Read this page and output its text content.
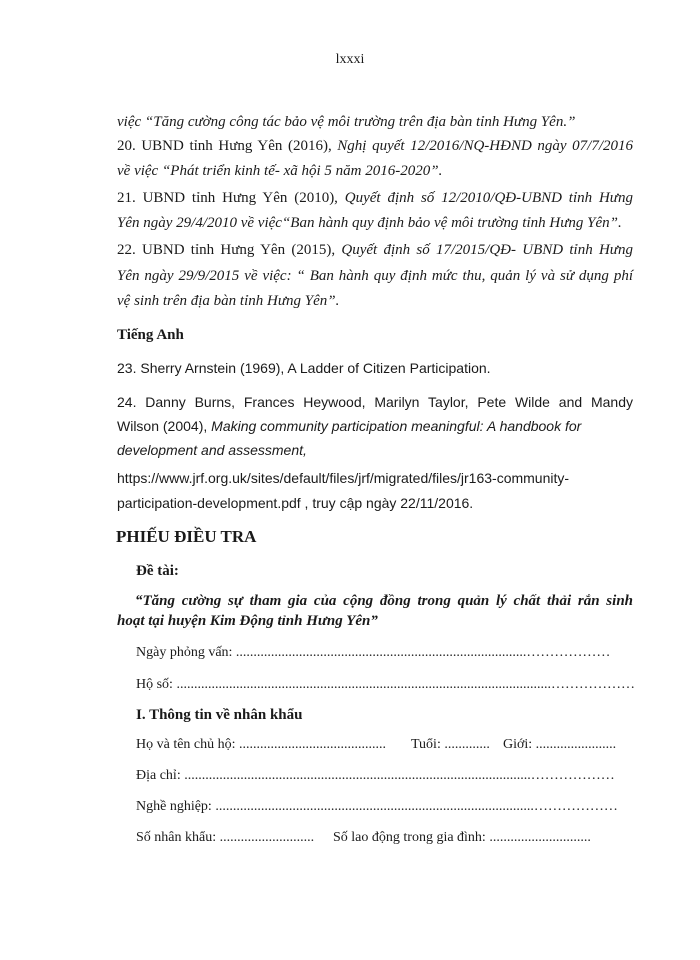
lxxxi
việc “Tăng cường công tác bảo vệ môi trường trên địa bàn tỉnh Hưng Yên.”
20. UBND tỉnh Hưng Yên (2016), Nghị quyết 12/2016/NQ-HĐND ngày 07/7/2016
về việc “Phát triển kinh tế- xã hội 5 năm 2016-2020”.
21. UBND tỉnh Hưng Yên (2010), Quyết định số 12/2010/QĐ-UBND tỉnh Hưng
Yên ngày 29/4/2010 về việc“Ban hành quy định bảo vệ môi trường tỉnh Hưng Yên”.
22. UBND tỉnh Hưng Yên (2015), Quyết định số 17/2015/QĐ- UBND tỉnh Hưng
Yên ngày 29/9/2015 về việc: “ Ban hành quy định mức thu, quản lý và sử dụng phí
vệ sinh trên địa bàn tỉnh Hưng Yên”.
Tiếng Anh
23. Sherry Arnstein (1969), A Ladder of Citizen Participation.
24. Danny Burns, Frances Heywood, Marilyn Taylor, Pete Wilde and Mandy
Wilson (2004), Making community participation meaningful: A handbook for
development and assessment,
https://www.jrf.org.uk/sites/default/files/jrf/migrated/files/jr163-community-
participation-development.pdf , truy cập ngày 22/11/2016.
PHIẾU ĐIỀU TRA
Đề tài:
“Tăng cường sự tham gia của cộng đồng trong quản lý chất thải rắn sinh
hoạt tại huyện Kim Động tỉnh Hưng Yên”
Ngày phỏng vấn: ...................................................................................………………
Hộ số: ...........................................................................................................………………
I. Thông tin về nhân khẩu
Họ và tên chủ hộ: .......................................... Tuổi: ............. Giới: .......................
Địa chỉ: ...................................................................................................………………
Nghề nghiệp: ...........................................................................................………………
Số nhân khẩu: ........................... Số lao động trong gia đình: .............................
